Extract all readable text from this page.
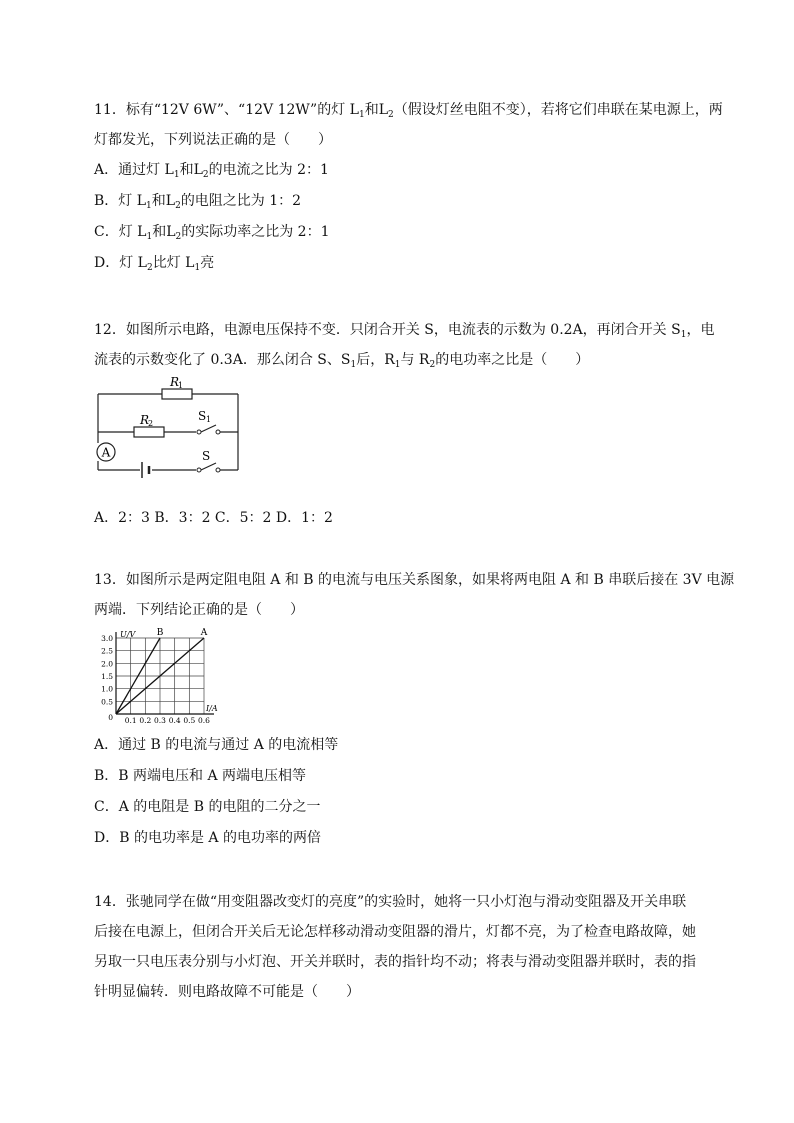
11．标有“12V 6W”、“12V 12W”的灯 $L_1$和$L_2$（假设灯丝电阻不变），若将它们串联在某电源上，两
灯都发光，下列说法正确的是（　　）
A．通过灯 $L_1$和$L_2$的电流之比为 2：1
B．灯 $L_1$和$L_2$的电阻之比为 1：2
C．灯 $L_1$和$L_2$的实际功率之比为 2：1
D．灯 $L_2$比灯 $L_1$亮
12．如图所示电路，电源电压保持不变．只闭合开关 S，电流表的示数为 0.2A，再闭合开关 $S_1$，电
流表的示数变化了 0.3A．那么闭合 S、$S_1$后，$R_1$与 $R_2$的电功率之比是（　　）
A
R
1
R
2
S 1
S
A．2：3 B．3：2 C．5：2 D．1：2
13．如图所示是两定阻电阻 A 和 B 的电流与电压关系图象，如果将两电阻 A 和 B 串联后接在 3V 电源
两端．下列结论正确的是（　　）
B	A
0.1 0.2 0.3 0.4 0.5 0.6
0
0.5
1.0
1.5
2.0
2.5
3.0 U/V
I/A
A．通过 B 的电流与通过 A 的电流相等
B．B 两端电压和 A 两端电压相等
C．A 的电阻是 B 的电阻的二分之一
D．B 的电功率是 A 的电功率的两倍
14．张驰同学在做“用变阻器改变灯的亮度”的实验时，她将一只小灯泡与滑动变阻器及开关串联
后接在电源上，但闭合开关后无论怎样移动滑动变阻器的滑片，灯都不亮，为了检查电路故障，她
另取一只电压表分别与小灯泡、开关并联时，表的指针均不动；将表与滑动变阻器并联时，表的指
针明显偏转．则电路故障不可能是（　　）
